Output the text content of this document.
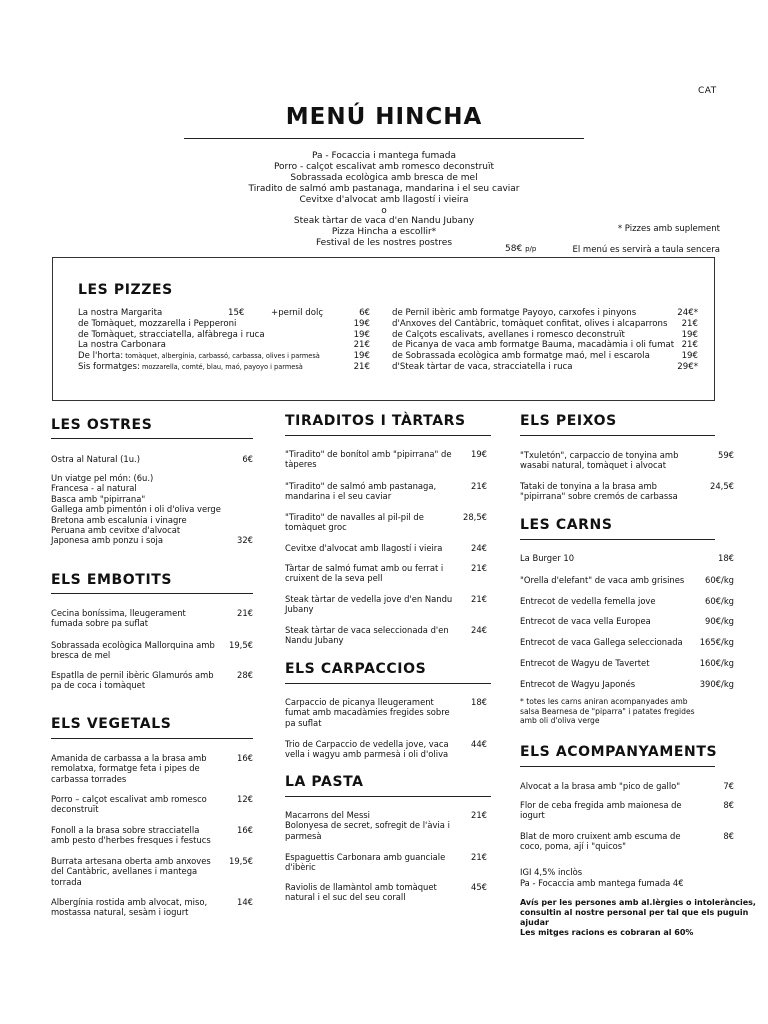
CAT
MENÚ HINCHA
Pa - Focaccia i mantega fumada
Porro - calçot escalivat amb romesco deconstruït
Sobrassada ecològica amb bresca de mel
Tiradito de salmó amb pastanaga, mandarina i el seu caviar
Cevitxe d'alvocat amb llagostí i vieira
o
Steak tàrtar de vaca d'en Nandu Jubany
Pizza Hincha a escollir*
Festival de les nostres postres
58€ p/p
* Pizzes amb suplement
El menú es servirà a taula sencera
LES PIZZES
La nostra Margarita	15€	+pernil dolç	6€
de Tomàquet, mozzarella i Pepperoni	19€
de Tomàquet, stracciatella, alfàbrega i ruca	19€
La nostra Carbonara	21€
De l'horta: tomàquet, albergínia, carbassó, carbassa, olives i parmesà	19€
Sis formatges: mozzarella, comté, blau, maó, payoyo i parmesà	21€
de Pernil ibèric amb formatge Payoyo, carxofes i pinyons	24€*
d'Anxoves del Cantàbric, tomàquet confitat, olives i alcaparrons 21€
de Calçots escalivats, avellanes i romesco deconstruït	19€
de Picanya de vaca amb formatge Bauma, macadàmia i oli fumat 21€
de Sobrassada ecològica amb formatge maó, mel i escarola	19€
d'Steak tàrtar de vaca, stracciatella i ruca	29€*
LES OSTRES
Ostra al Natural (1u.)	6€
Un viatge pel món: (6u.)
Francesa - al natural
Basca amb "pipirrana"
Gallega amb pimentón i oli d'oliva verge
Bretona amb escalunia i vinagre
Peruana amb cevitxe d'alvocat
Japonesa amb ponzu i soja	32€
ELS EMBOTITS
Cecina boníssima, lleugerament fumada sobre pa suflat
21€
Sobrassada ecològica Mallorquina amb bresca de mel
19,5€
Espatlla de pernil ibèric Glamurós amb pa de coca i tomàquet
28€
ELS VEGETALS
Amanida de carbassa a la brasa amb remolatxa, formatge feta i pipes de carbassa torrades
16€
Porro – calçot escalivat amb romesco deconstruït
12€
Fonoll a la brasa sobre stracciatella amb pesto d'herbes fresques i festucs
16€
Burrata artesana oberta amb anxoves del Cantàbric, avellanes i mantega torrada
19,5€
Albergínia rostida amb alvocat, miso, mostassa natural, sesàm i iogurt
14€
TIRADITOS I TÀRTARS
"Tiradito" de bonítol amb "pipirrana" de tàperes
19€
"Tiradito" de salmó amb pastanaga, mandarina i el seu caviar
21€
"Tiradito" de navalles al pil-pil de tomàquet groc
28,5€
Cevitxe d'alvocat amb llagostí i vieira	24€
Tàrtar de salmó fumat amb ou ferrat i cruixent de la seva pell
21€
Steak tàrtar de vedella jove d'en Nandu Jubany
21€
Steak tàrtar de vaca seleccionada d'en Nandu Jubany
24€
ELS CARPACCIOS
Carpaccio de picanya lleugerament fumat amb macadàmies fregides sobre pa suflat
18€
Trio de Carpaccio de vedella jove, vaca vella i wagyu amb parmesà i oli d'oliva
44€
LA PASTA
Macarrons del Messi
Bolonyesa de secret, sofregit de l'àvia i parmesà
21€
Espaguettis Carbonara amb guanciale d'ibèric
21€
Raviolis de llamàntol amb tomàquet natural i el suc del seu corall
45€
ELS PEIXOS
"Txuletón", carpaccio de tonyina amb wasabi natural, tomàquet i alvocat
59€
Tataki de tonyina a la brasa amb "pipirrana" sobre cremós de carbassa
24,5€
LES CARNS
La Burger 10	18€
"Orella d'elefant" de vaca amb grisines	60€/kg
Entrecot de vedella femella jove	60€/kg
Entrecot de vaca vella Europea	90€/kg
Entrecot de vaca Gallega seleccionada	165€/kg
Entrecot de Wagyu de Tavertet	160€/kg
Entrecot de Wagyu Japonés	390€/kg
* totes les carns aniran acompanyades amb salsa Bearnesa de "piparra" i patates fregides amb oli d'oliva verge
ELS ACOMPANYAMENTS
Alvocat a la brasa amb "pico de gallo"	7€
Flor de ceba fregida amb maionesa de iogurt
8€
Blat de moro cruixent amb escuma de coco, poma, ají i "quicos"
8€
IGI 4,5% inclòs
Pa - Focaccia amb mantega fumada 4€
Avís per les persones amb al.lèrgies o intoleràncies, consultin al nostre personal per tal que els puguin ajudar
Les mitges racions es cobraran al 60%
